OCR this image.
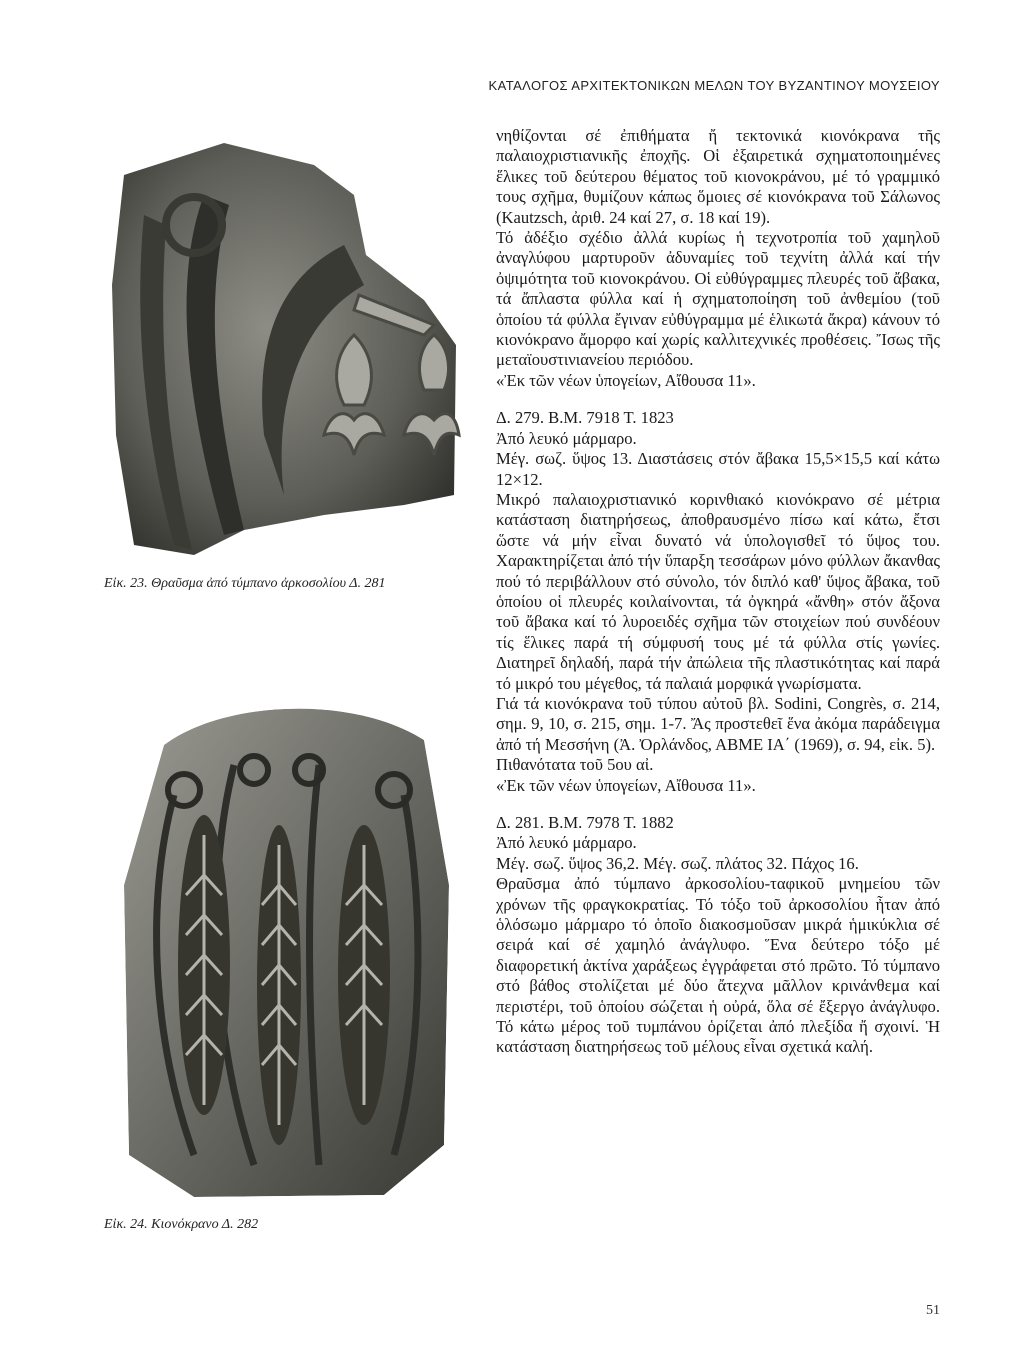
ΚΑΤΑΛΟΓΟΣ ΑΡΧΙΤΕΚΤΟΝΙΚΩΝ ΜΕΛΩΝ ΤΟΥ ΒΥΖΑΝΤΙΝΟΥ ΜΟΥΣΕΙΟΥ
Εἰκ. 23. Θραῦσμα ἀπό τύμπανο ἀρκοσολίου Δ. 281
Εἰκ. 24. Κιονόκρανο Δ. 282

νηθίζονται σέ ἐπιθήματα ἤ τεκτονικά κιονόκρανα τῆς παλαιοχριστιανικῆς ἐποχῆς. Οἱ ἐξαιρετικά σχηματοποιημένες ἕλικες τοῦ δεύτερου θέματος τοῦ κιονοκράνου, μέ τό γραμμικό τους σχῆμα, θυμίζουν κάπως ὅμοιες σέ κιονόκρανα τοῦ Σάλωνος (Kautzsch, ἀριθ. 24 καί 27, σ. 18 καί 19).

Τό ἀδέξιο σχέδιο ἀλλά κυρίως ἡ τεχνοτροπία τοῦ χαμηλοῦ ἀναγλύφου μαρτυροῦν ἀδυναμίες τοῦ τεχνίτη ἀλλά καί τήν ὀψιμότητα τοῦ κιονοκράνου. Οἱ εὐθύγραμμες πλευρές τοῦ ἄβακα, τά ἄπλαστα φύλλα καί ἡ σχηματοποίηση τοῦ ἀνθεμίου (τοῦ ὁποίου τά φύλλα ἔγιναν εὐθύγραμμα μέ ἑλικωτά ἄκρα) κάνουν τό κιονόκρανο ἄμορφο καί χωρίς καλλιτεχνικές προθέσεις. Ἴσως τῆς μεταϊουστινιανείου περιόδου.

«Ἐκ τῶν νέων ὑπογείων, Αἴθουσα 11».

Δ. 279. Β.Μ. 7918 Τ. 1823

Ἀπό λευκό μάρμαρο.

Μέγ. σωζ. ὕψος 13. Διαστάσεις στόν ἄβακα 15,5×15,5 καί κάτω 12×12.

Μικρό παλαιοχριστιανικό κορινθιακό κιονόκρανο σέ μέτρια κατάσταση διατηρήσεως, ἀποθραυσμένο πίσω καί κάτω, ἔτσι ὥστε νά μήν εἶναι δυνατό νά ὑπολογισθεῖ τό ὕψος του. Χαρακτηρίζεται ἀπό τήν ὕπαρξη τεσσάρων μόνο φύλλων ἄκανθας πού τό περιβάλλουν στό σύνολο, τόν διπλό καθ' ὕψος ἄβακα, τοῦ ὁποίου οἱ πλευρές κοιλαίνονται, τά ὀγκηρά «ἄνθη» στόν ἄξονα τοῦ ἄβακα καί τό λυροειδές σχῆμα τῶν στοιχείων πού συνδέουν τίς ἕλικες παρά τή σύμφυσή τους μέ τά φύλλα στίς γωνίες. Διατηρεῖ δηλαδή, παρά τήν ἀπώλεια τῆς πλαστικότητας καί παρά τό μικρό του μέγεθος, τά παλαιά μορφικά γνωρίσματα.

Γιά τά κιονόκρανα τοῦ τύπου αὐτοῦ βλ. Sodini, Congrès, σ. 214, σημ. 9, 10, σ. 215, σημ. 1-7. Ἄς προστεθεῖ ἕνα ἀκόμα παράδειγμα ἀπό τή Μεσσήνη (Ἀ. Ὀρλάνδος, ΑΒΜΕ ΙΑ΄ (1969), σ. 94, εἰκ. 5).

Πιθανότατα τοῦ 5ου αἰ.

«Ἐκ τῶν νέων ὑπογείων, Αἴθουσα 11».

Δ. 281. Β.Μ. 7978 Τ. 1882

Ἀπό λευκό μάρμαρο.

Μέγ. σωζ. ὕψος 36,2. Μέγ. σωζ. πλάτος 32. Πάχος 16.

Θραῦσμα ἀπό τύμπανο ἀρκοσολίου-ταφικοῦ μνημείου τῶν χρόνων τῆς φραγκοκρατίας. Τό τόξο τοῦ ἀρκοσολίου ἦταν ἀπό ὁλόσωμο μάρμαρο τό ὁποῖο διακοσμοῦσαν μικρά ἡμικύκλια σέ σειρά καί σέ χαμηλό ἀνάγλυφο. Ἕνα δεύτερο τόξο μέ διαφορετική ἀκτίνα χαράξεως ἐγγράφεται στό πρῶτο. Τό τύμπανο στό βάθος στολίζεται μέ δύο ἄτεχνα μᾶλλον κρινάνθεμα καί περιστέρι, τοῦ ὁποίου σώζεται ἡ οὐρά, ὅλα σέ ἔξεργο ἀνάγλυφο. Τό κάτω μέρος τοῦ τυμπάνου ὁρίζεται ἀπό πλεξίδα ἤ σχοινί. Ἡ κατάσταση διατηρήσεως τοῦ μέλους εἶναι σχετικά καλή.

51
